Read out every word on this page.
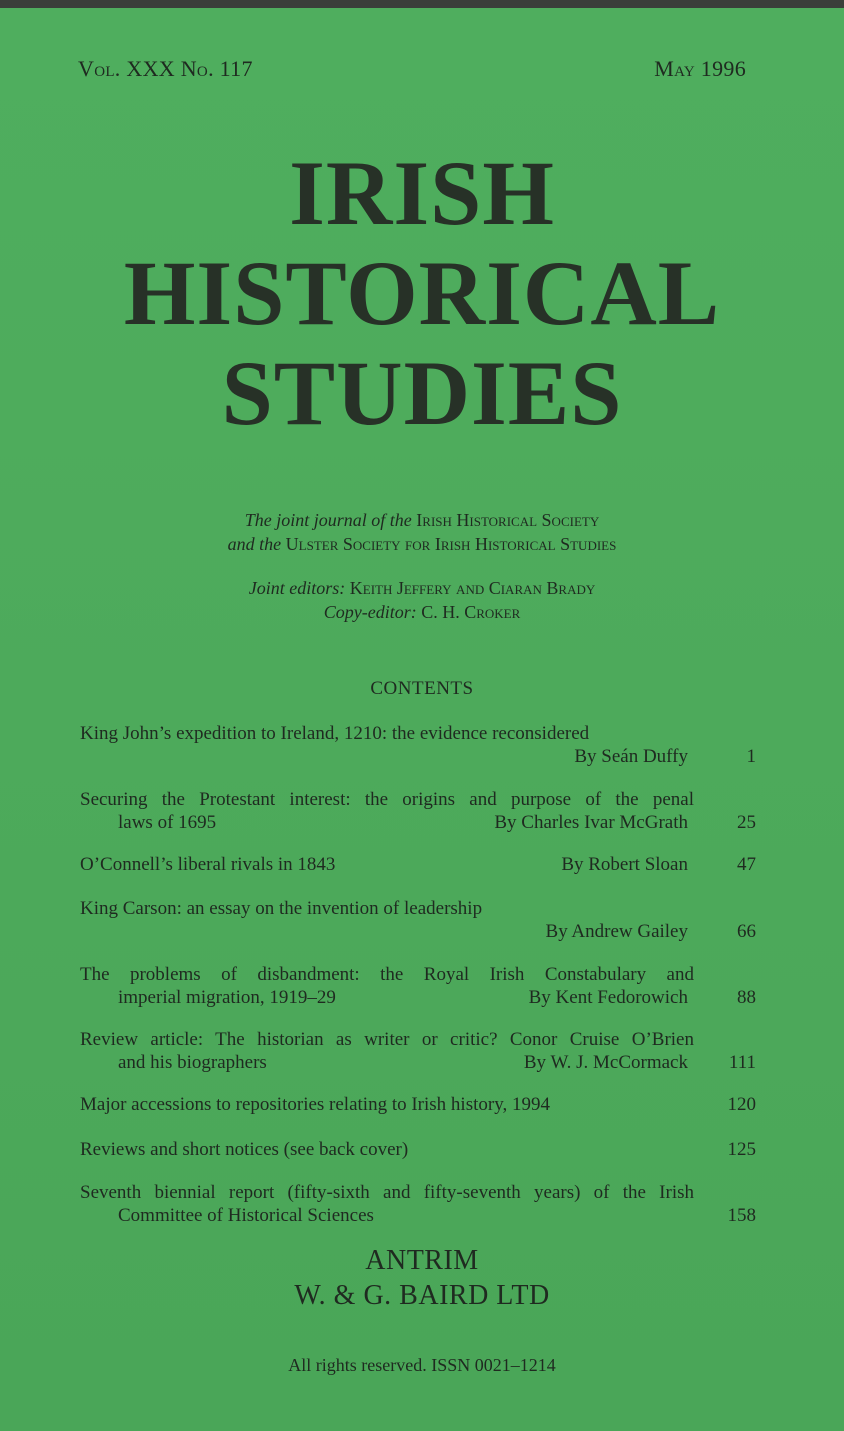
Vol. XXX No. 117	May 1996
IRISH
HISTORICAL
STUDIES
The joint journal of the Irish Historical Society
and the Ulster Society for Irish Historical Studies
Joint editors: Keith Jeffery and Ciaran Brady
Copy-editor: C. H. Croker
CONTENTS
King John’s expedition to Ireland, 1210: the evidence reconsidered
By Seán Duffy	1
Securing the Protestant interest: the origins and purpose of the penal
laws of 1695	By Charles Ivar McGrath	25
O’Connell’s liberal rivals in 1843	By Robert Sloan	47
King Carson: an essay on the invention of leadership
By Andrew Gailey	66
The problems of disbandment: the Royal Irish Constabulary and
imperial migration, 1919–29	By Kent Fedorowich	88
Review article: The historian as writer or critic? Conor Cruise O’Brien
and his biographers	By W. J. McCormack	111
Major accessions to repositories relating to Irish history, 1994	120
Reviews and short notices (see back cover)	125
Seventh biennial report (fifty-sixth and fifty-seventh years) of the Irish
Committee of Historical Sciences	158
ANTRIM
W. & G. BAIRD LTD
All rights reserved. ISSN 0021–1214
